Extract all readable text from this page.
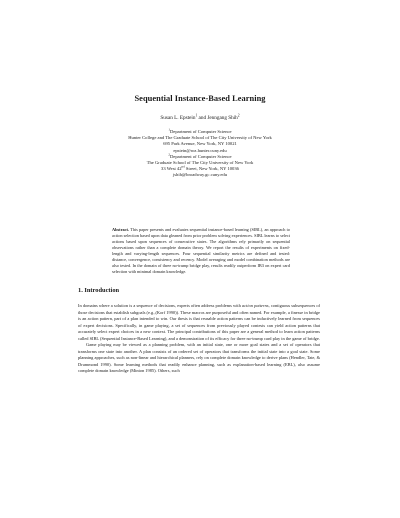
Sequential Instance-Based Learning
Susan L. Epstein$^1$ and Jenngang Shih$^2$
$^1$Department of Computer Science
Hunter College and The Graduate School of The City University of New York
695 Park Avenue, New York, NY 10021
epstein@roz.hunter.cuny.edu
$^2$Department of Computer Science
The Graduate School of The City University of New York
33 West 42nd Street, New York, NY 10036
jshih@broadway.gc.cuny.edu
Abstract. This paper presents and evaluates sequential instance-based learning (SIBL), an approach to action selection based upon data gleaned from prior problem solving experiences. SIBL learns to select actions based upon sequences of consecutive states. The algorithms rely primarily on sequential observations rather than a complete domain theory. We report the results of experiments on fixed-length and varying-length sequences. Four sequential similarity metrics are defined and tested: distance, convergence, consistency and recency. Model averaging and model combination methods are also tested. In the domain of three no-trump bridge play, results readily outperform IB3 on expert card selection with minimal domain knowledge.
1. Introduction

In domains where a solution is a sequence of decisions, experts often address problems with action patterns, contiguous subsequences of those decisions that establish subgoals (e.g.,(Korf 1990)). These macros are purposeful and often named. For example, a finesse in bridge is an action pattern, part of a plan intended to win. Our thesis is that reusable action patterns can be inductively learned from sequences of expert decisions. Specifically, in game playing, a set of sequences from previously played contests can yield action patterns that accurately select expert choices in a new context. The principal contributions of this paper are a general method to learn action patterns called SIBL (Sequential Instance-Based Learning), and a demonstration of its efficacy for three no-trump card play in the game of bridge.

Game playing may be viewed as a planning problem, with an initial state, one or more goal states and a set of operators that transforms one state into another. A plan consists of an ordered set of operators that transforms the initial state into a goal state. Some planning approaches, such as non-linear and hierarchical planners, rely on complete domain knowledge to derive plans (Hendler, Tate, & Drummond 1990). Some learning methods that readily enhance planning, such as explanation-based learning (EBL), also assume complete domain knowledge (Minton 1985). Others, such
